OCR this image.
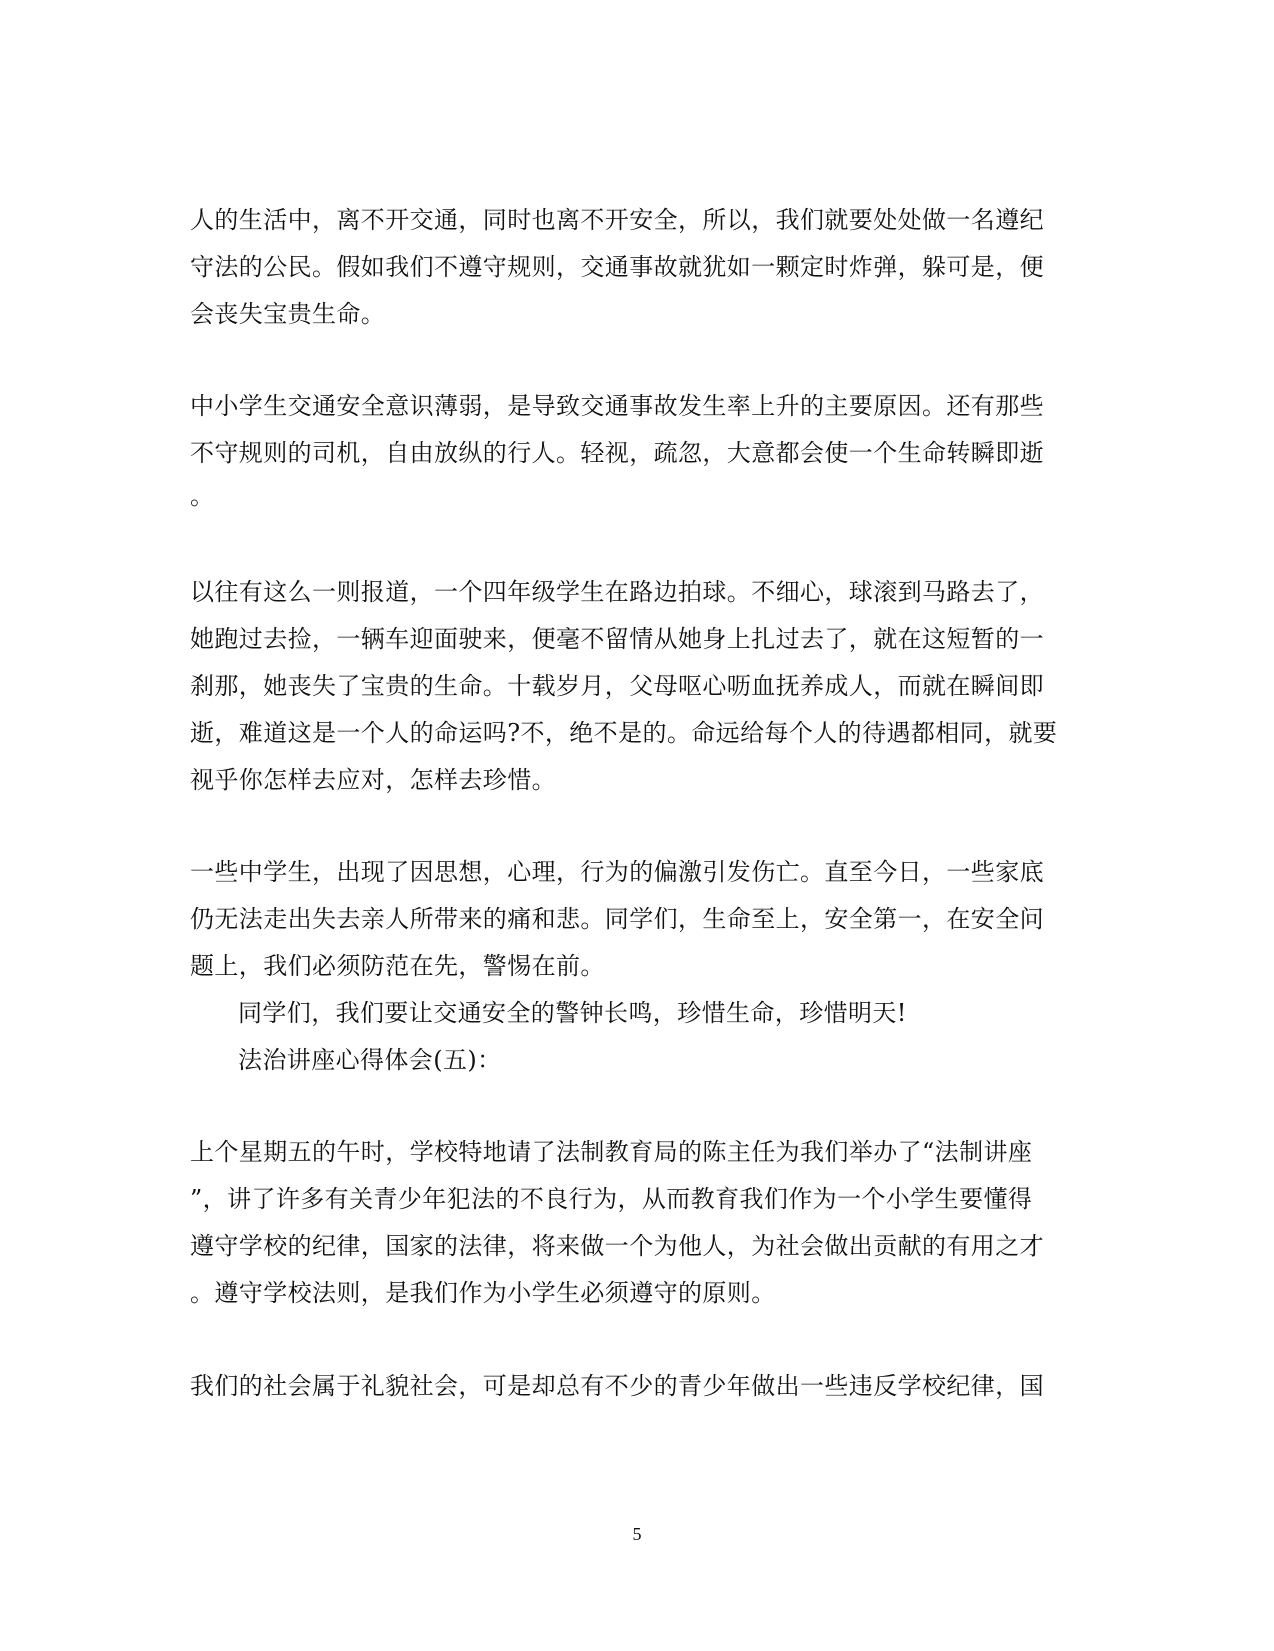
人的生活中，离不开交通，同时也离不开安全，所以，我们就要处处做一名遵纪
守法的公民。假如我们不遵守规则，交通事故就犹如一颗定时炸弹，躲可是，便
会丧失宝贵生命。
中小学生交通安全意识薄弱，是导致交通事故发生率上升的主要原因。还有那些
不守规则的司机，自由放纵的行人。轻视，疏忽，大意都会使一个生命转瞬即逝
。
以往有这么一则报道，一个四年级学生在路边拍球。不细心，球滚到马路去了，
她跑过去捡，一辆车迎面驶来，便毫不留情从她身上扎过去了，就在这短暂的一
刹那，她丧失了宝贵的生命。十载岁月，父母呕心呖血抚养成人，而就在瞬间即
逝，难道这是一个人的命运吗?不，绝不是的。命远给每个人的待遇都相同，就要
视乎你怎样去应对，怎样去珍惜。
一些中学生，出现了因思想，心理，行为的偏激引发伤亡。直至今日，一些家底
仍无法走出失去亲人所带来的痛和悲。同学们，生命至上，安全第一，在安全问
题上，我们必须防范在先，警惕在前。
同学们，我们要让交通安全的警钟长鸣，珍惜生命，珍惜明天!
法治讲座心得体会(五)：
上个星期五的午时，学校特地请了法制教育局的陈主任为我们举办了“法制讲座
”，讲了许多有关青少年犯法的不良行为，从而教育我们作为一个小学生要懂得
遵守学校的纪律，国家的法律，将来做一个为他人，为社会做出贡献的有用之才
。遵守学校法则，是我们作为小学生必须遵守的原则。
我们的社会属于礼貌社会，可是却总有不少的青少年做出一些违反学校纪律，国
5
